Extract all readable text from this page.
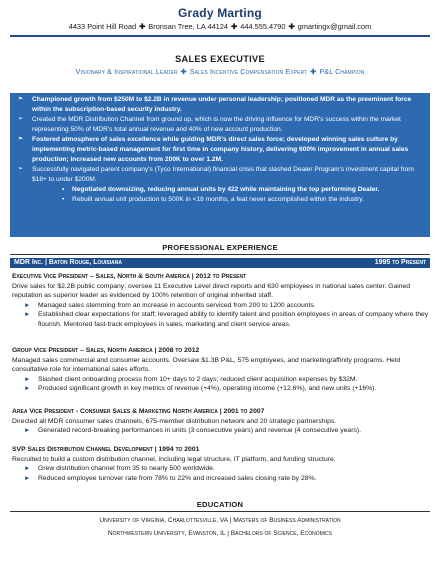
Grady Marting
4433 Point Hill Road ✚ Bronsan Tree, LA 44124 ✚ 444.555.4790 ✚ gmartingx@gmail.com
SALES EXECUTIVE
Visionary & Inspirational Leader ✚ Sales Incentive Compensation Expert ✚ P&L Champion
➢ Championed growth from $250M to $2.2B in revenue under personal leadership; positioned MDR as the preeminent force within the subscription-based security industry.
➢ Created the MDR Distribution Channel from ground up, which is now the driving influence for MDR's success within the market representing 50% of MDR's total annual revenue and 40% of new account production.
➢ Fostered atmosphere of sales excellence while guiding MDR's direct sales force; developed winning sales culture by implementing metric-based management for first time in company history, delivering 600% improvement in annual sales production; increased new accounts from 200K to over 1.2M.
➢ Successfully navigated parent company's (Tyco International) financial crisis that slashed Dealer Program's investment capital from $18+ to under $200M.
• Negotiated downsizing, reducing annual units by 422 while maintaining the top performing Dealer.
• Rebuilt annual unit production to 500K in <18 months, a feat never accomplished within the industry.
PROFESSIONAL EXPERIENCE
MDR Inc. | Baton Rouge, Louisiana	1995 to Present
Executive Vice President – Sales, North & South America | 2012 to Present
Drive sales for $2.2B public company; oversee 11 Executive Level direct reports and 630 employees in national sales center. Gained reputation as superior leader as evidenced by 100% retention of original inherited staff.
► Managed sales stemming from an increase in accounts serviced from 200 to 1200 accounts.
► Established clear expectations for staff; leveraged ability to identify talent and position employees in areas of company where they flourish. Mentored fast-track employees in sales, marketing and client service areas.
Group Vice President – Sales, North America | 2008 to 2012
Managed sales commercial and consumer accounts. Oversaw $1.3B P&L, 575 employees, and marketing/affinity programs. Held consultative role for international sales efforts.
► Slashed client onboarding process from 10+ days to 2 days; reduced client acquisition expenses by $32M.
► Produced significant growth in key metrics of revenue (+4%), operating income (+12.6%), and new units (+16%).
Area Vice President - Consumer Sales & Marketing North America | 2001 to 2007
Directed all MDR consumer sales channels, 675-member distribution network and 20 strategic partnerships.
► Generated record-breaking performances in units (3 consecutive years) and revenue (4 consecutive years).
SVP Sales Distribution Channel Development | 1994 to 2001
Recruited to build a custom distribution channel, including legal structure, IT platform, and funding structure.
► Grew distribution channel from 35 to nearly 500 worldwide.
► Reduced employee turnover rate from 78% to 22% and increased sales closing rate by 28%.
EDUCATION
University of Virginia, Charlottesville, VA | Masters of Business Administration
Northwestern University, Evanston, IL | Bachelors of Science, Economics
